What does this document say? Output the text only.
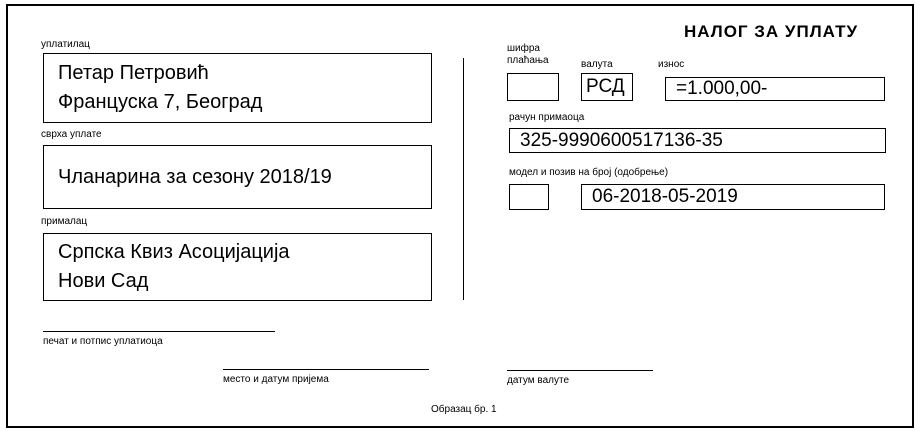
НАЛОГ ЗА УПЛАТУ
уплатилац
Петар Петровић
Француска 7, Београд
сврха уплате
Чланарина за сезону 2018/19
прималац
Српска Квиз Асоцијација
Нови Сад
шифра
плаћања	валута
РСД
износ
=1.000,00-
рачун примаоца
325-9990600517136-35
модел и позив на број (одобрење)
06-2018-05-2019
печат и потпис уплатиоца
место и датум пријема	датум валуте
Образац бр. 1
